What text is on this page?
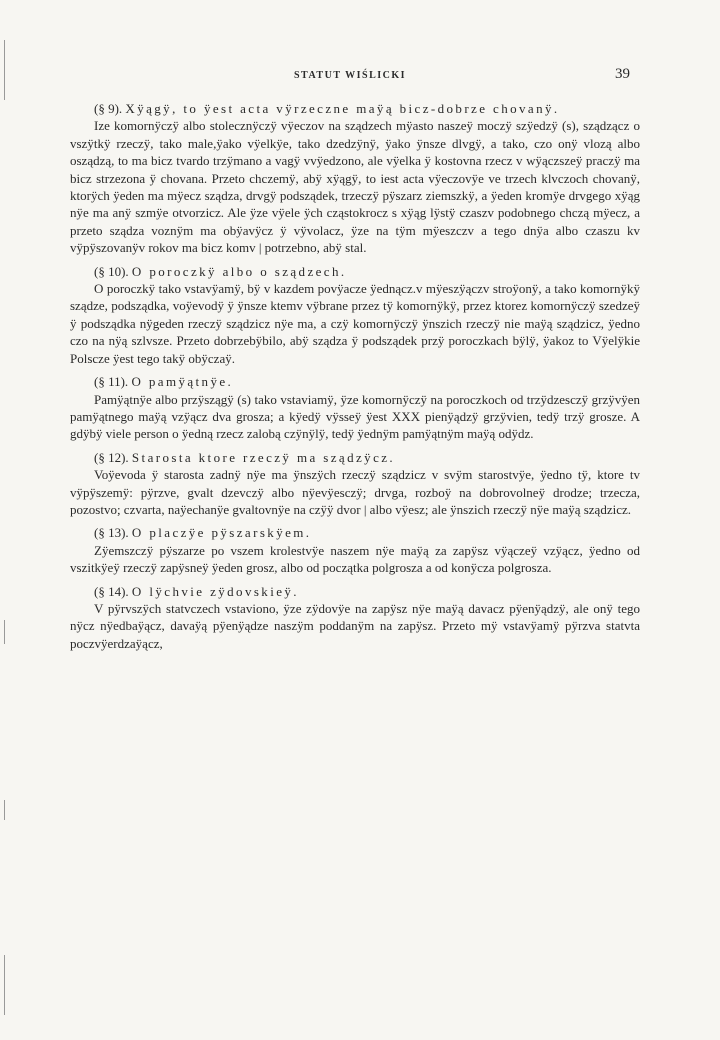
STATUT WIŚLICKI	39
(§ 9). Xÿągÿ, to ÿest acta vÿrzeczne maÿą bicz-dobrze chovanÿ.

Ize komornÿczÿ albo stolecznÿczÿ vÿeczov na sządzech mÿasto naszeÿ moczÿ szÿedzÿ (s), sządzącz o vszÿtkÿ rzeczÿ, tako male,ÿako vÿelkÿe, tako dzedzÿnÿ, ÿako ÿnsze dlvgÿ, a tako, czo onÿ vlozą albo osządzą, to ma bicz tvardo trzÿmano a vagÿ vvÿedzono, ale vÿelka ÿ kostovna rzecz v wÿączszeÿ praczÿ ma bicz strzezona ÿ chovana. Przeto chczemÿ, abÿ xÿągÿ, to iest acta vÿeczovÿe ve trzech klvczoch chovanÿ, ktorÿch ÿeden ma mÿecz sządza, drvgÿ podsządek, trzeczÿ pÿszarz ziemszkÿ, a ÿeden kromÿe drvgego xÿąg nÿe ma anÿ szmÿe otvorzicz. Ale ÿze vÿele ÿch cząstokrocz s xÿąg lÿstÿ czaszv podobnego chczą mÿecz, a przeto sządza voznÿm ma obÿavÿcz ÿ vÿvolacz, ÿze na tÿm mÿeszczv a tego dnÿa albo czaszu kv vÿpÿszovanÿv rokov ma bicz komv | potrzebno, abÿ stal.

(§ 10). O poroczkÿ albo o sządzech.

O poroczkÿ tako vstavÿamÿ, bÿ v kazdem povÿacze ÿednącz.v mÿeszÿączv stroÿonÿ, a tako komornÿkÿ sządze, podsządka, voÿevodÿ ÿ ÿnsze ktemv vÿbrane przez tÿ komornÿkÿ, przez ktorez komornÿczÿ szedzeÿ ÿ podsządka nÿgeden rzeczÿ sządzicz nÿe ma, a czÿ komornÿczÿ ÿnszich rzeczÿ nie maÿą sządzicz, ÿedno czo na nÿą szlvsze. Przeto dobrzebÿbilo, abÿ sządza ÿ podsządek przÿ poroczkach bÿlÿ, ÿakoz to Vÿelÿkie Polscze ÿest tego takÿ obÿczaÿ.

(§ 11). O pamÿątnÿe.

Pamÿątnÿe albo przÿszągÿ (s) tako vstaviamÿ, ÿze komornÿczÿ na poroczkoch od trzÿdzesczÿ grzÿvÿen pamÿątnego maÿą vzÿącz dva grosza; a kÿedÿ vÿsseÿ ÿest XXX pienÿądzÿ grzÿvien, tedÿ trzÿ grosze. A gdÿbÿ viele person o ÿedną rzecz zalobą czÿnÿlÿ, tedÿ ÿednÿm pamÿątnÿm maÿą odÿdz.

(§ 12). Starosta ktore rzeczÿ ma sządzÿcz.

Voÿevoda ÿ starosta zadnÿ nÿe ma ÿnszÿch rzeczÿ sządzicz v svÿm starostvÿe, ÿedno tÿ, ktore tv vÿpÿszemÿ: pÿrzve, gvalt dzevczÿ albo nÿevÿesczÿ; drvga, rozboÿ na dobrovolneÿ drodze; trzecza, pozostvo; czvarta, naÿechanÿe gvaltovnÿe na czÿÿ dvor | albo vÿesz; ale ÿnszich rzeczÿ nÿe maÿą sządzicz.

(§ 13). O placzÿe pÿszarskÿem.

Zÿemszczÿ pÿszarze po vszem krolestvÿe naszem nÿe maÿą za zapÿsz vÿączeÿ vzÿącz, ÿedno od vszitkÿeÿ rzeczÿ zapÿsneÿ ÿeden grosz, albo od początka polgrosza a od konÿcza polgrosza.

(§ 14). O lÿchvie zÿdovskieÿ.

V pÿrvszÿch statvczech vstaviono, ÿze zÿdovÿe na zapÿsz nÿe maÿą davacz pÿenÿądzÿ, ale onÿ tego nÿcz nÿedbaÿącz, davaÿą pÿenÿądze naszÿm poddanÿm na zapÿsz. Przeto mÿ vstavÿamÿ pÿrzva statvta poczvÿerdzaÿącz,
